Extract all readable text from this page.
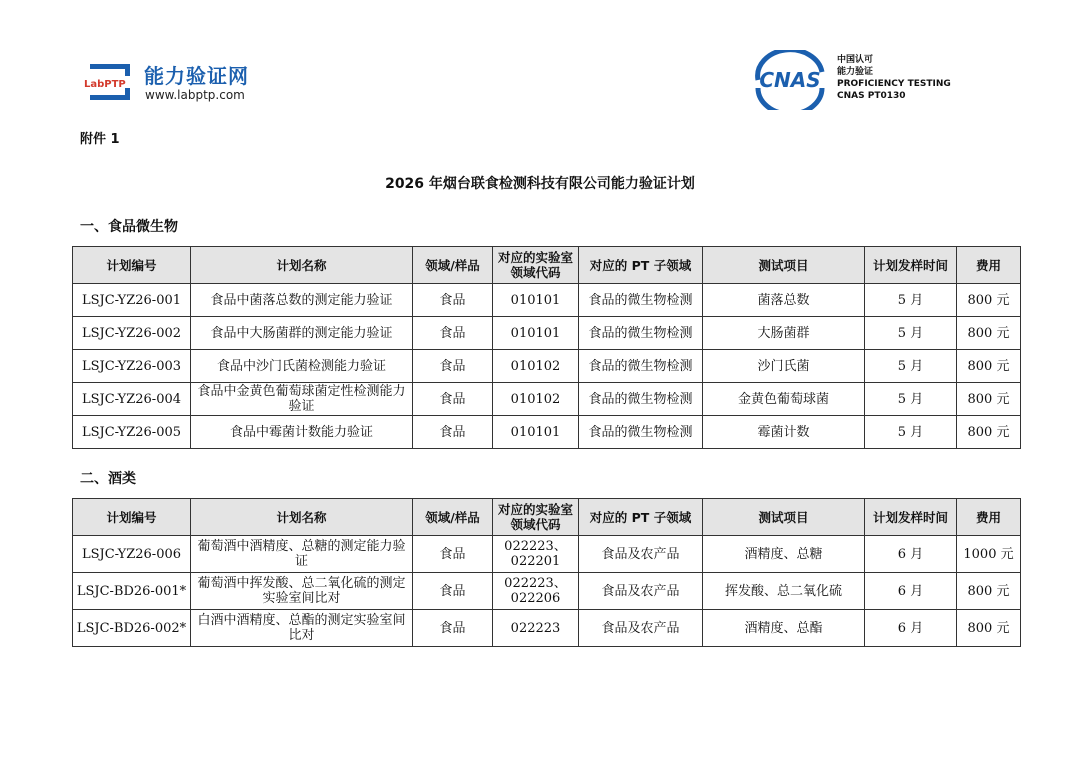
LabPTP 能力验证网
www.labptp.com
CNAS
中国认可
能力验证
PROFICIENCY TESTING
CNAS PT0130
附件 1
2026 年烟台联食检测科技有限公司能力验证计划
一、食品微生物
计划编号	计划名称	领域/样品	对应的实验室领域代码	对应的 PT 子领域	测试项目	计划发样时间	费用
LSJC-YZ26-001	食品中菌落总数的测定能力验证	食品	010101	食品的微生物检测	菌落总数	5 月	800 元
LSJC-YZ26-002	食品中大肠菌群的测定能力验证	食品	010101	食品的微生物检测	大肠菌群	5 月	800 元
LSJC-YZ26-003	食品中沙门氏菌检测能力验证	食品	010102	食品的微生物检测	沙门氏菌	5 月	800 元
LSJC-YZ26-004	食品中金黄色葡萄球菌定性检测能力验证	食品	010102	食品的微生物检测	金黄色葡萄球菌	5 月	800 元
LSJC-YZ26-005	食品中霉菌计数能力验证	食品	010101	食品的微生物检测	霉菌计数	5 月	800 元
二、酒类
计划编号	计划名称	领域/样品	对应的实验室领域代码	对应的 PT 子领域	测试项目	计划发样时间	费用
LSJC-YZ26-006	葡萄酒中酒精度、总糖的测定能力验证	食品	022223、022201	食品及农产品	酒精度、总糖	6 月	1000 元
LSJC-BD26-001*	葡萄酒中挥发酸、总二氧化硫的测定实验室间比对	食品	022223、022206	食品及农产品	挥发酸、总二氧化硫	6 月	800 元
LSJC-BD26-002*	白酒中酒精度、总酯的测定实验室间比对	食品	022223	食品及农产品	酒精度、总酯	6 月	800 元
